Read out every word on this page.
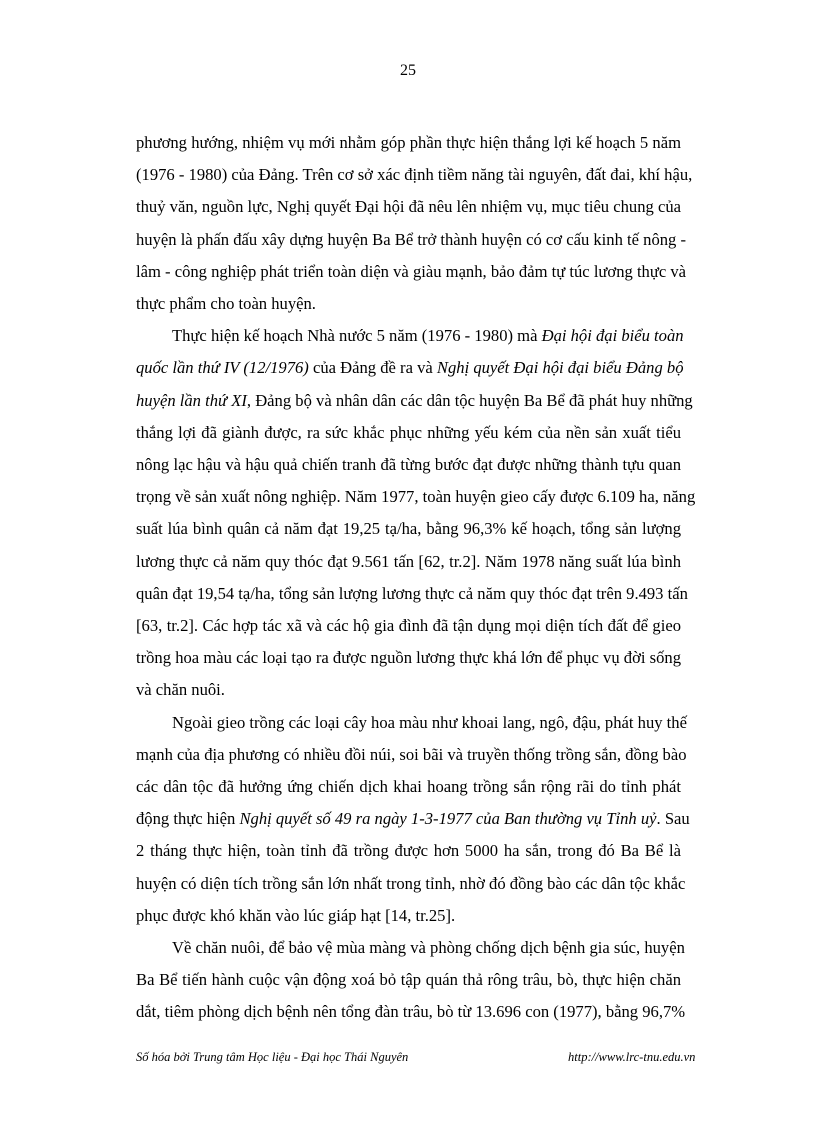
25
phương hướng, nhiệm vụ mới nhằm góp phần thực hiện thắng lợi kế hoạch 5 năm
(1976 - 1980) của Đảng. Trên cơ sở xác định tiềm năng tài nguyên, đất đai, khí hậu,
thuỷ văn, nguồn lực, Nghị quyết Đại hội đã nêu lên nhiệm vụ, mục tiêu chung của
huyện là phấn đấu xây dựng huyện Ba Bể trở thành huyện có cơ cấu kinh tế nông -
lâm - công nghiệp phát triển toàn diện và giàu mạnh, bảo đảm tự túc lương thực và
thực phẩm cho toàn huyện.
Thực hiện kế hoạch Nhà nước 5 năm (1976 - 1980) mà Đại hội đại biểu toàn
quốc lần thứ IV (12/1976) của Đảng đề ra và Nghị quyết Đại hội đại biểu Đảng bộ
huyện lần thứ XI, Đảng bộ và nhân dân các dân tộc huyện Ba Bể đã phát huy những
thắng lợi đã giành được, ra sức khắc phục những yếu kém của nền sản xuất tiểu
nông lạc hậu và hậu quả chiến tranh đã từng bước đạt được những thành tựu quan
trọng về sản xuất nông nghiệp. Năm 1977, toàn huyện gieo cấy được 6.109 ha, năng
suất lúa bình quân cả năm đạt 19,25 tạ/ha, bằng 96,3% kế hoạch, tổng sản lượng
lương thực cả năm quy thóc đạt 9.561 tấn [62, tr.2]. Năm 1978 năng suất lúa bình
quân đạt 19,54 tạ/ha, tổng sản lượng lương thực cả năm quy thóc đạt trên 9.493 tấn
[63, tr.2]. Các hợp tác xã và các hộ gia đình đã tận dụng mọi diện tích đất để gieo
trồng hoa màu các loại tạo ra được nguồn lương thực khá lớn để phục vụ đời sống
và chăn nuôi.
Ngoài gieo trồng các loại cây hoa màu như khoai lang, ngô, đậu, phát huy thế
mạnh của địa phương có nhiều đồi núi, soi bãi và truyền thống trồng sắn, đồng bào
các dân tộc đã hưởng ứng chiến dịch khai hoang trồng sắn rộng rãi do tỉnh phát
động thực hiện Nghị quyết số 49 ra ngày 1-3-1977 của Ban thường vụ Tỉnh uỷ. Sau
2 tháng thực hiện, toàn tỉnh đã trồng được hơn 5000 ha sắn, trong đó Ba Bể là
huyện có diện tích trồng sắn lớn nhất trong tỉnh, nhờ đó đồng bào các dân tộc khắc
phục được khó khăn vào lúc giáp hạt [14, tr.25].
Về chăn nuôi, để bảo vệ mùa màng và phòng chống dịch bệnh gia súc, huyện
Ba Bể tiến hành cuộc vận động xoá bỏ tập quán thả rông trâu, bò, thực hiện chăn
dắt, tiêm phòng dịch bệnh nên tổng đàn trâu, bò từ 13.696 con (1977), bằng 96,7%
Số hóa bởi Trung tâm Học liệu - Đại học Thái Nguyên	http://www.lrc-tnu.edu.vn
